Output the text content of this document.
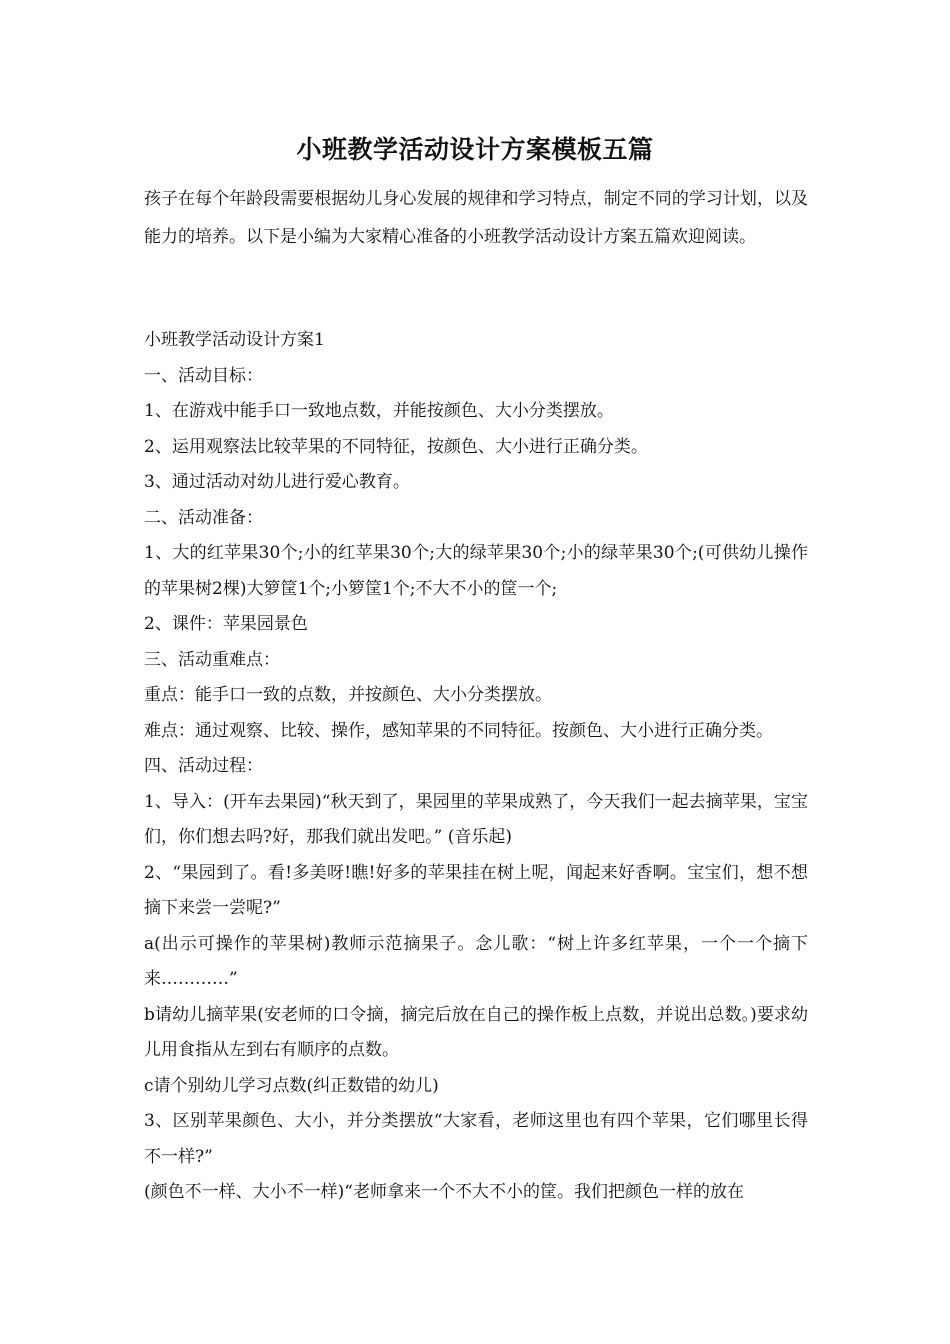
小班教学活动设计方案模板五篇

孩子在每个年龄段需要根据幼儿身心发展的规律和学习特点，制定不同的学习计划，以及能力的培养。以下是小编为大家精心准备的小班教学活动设计方案五篇欢迎阅读。

小班教学活动设计方案1

一、活动目标：

1、在游戏中能手口一致地点数，并能按颜色、大小分类摆放。

2、运用观察法比较苹果的不同特征，按颜色、大小进行正确分类。

3、通过活动对幼儿进行爱心教育。

二、活动准备：

1、大的红苹果30个;小的红苹果30个;大的绿苹果30个;小的绿苹果30个;(可供幼儿操作的苹果树2棵)大箩筐1个;小箩筐1个;不大不小的筐一个;

2、课件：苹果园景色

三、活动重难点：

重点：能手口一致的点数，并按颜色、大小分类摆放。

难点：通过观察、比较、操作，感知苹果的不同特征。按颜色、大小进行正确分类。

四、活动过程：

1、导入：(开车去果园)“秋天到了，果园里的苹果成熟了，今天我们一起去摘苹果，宝宝们，你们想去吗?好，那我们就出发吧。” (音乐起)

2、“果园到了。看!多美呀!瞧!好多的苹果挂在树上呢，闻起来好香啊。宝宝们，想不想摘下来尝一尝呢?”

a(出示可操作的苹果树)教师示范摘果子。念儿歌：“树上许多红苹果，一个一个摘下来…………”

b请幼儿摘苹果(安老师的口令摘，摘完后放在自己的操作板上点数，并说出总数。)要求幼儿用食指从左到右有顺序的点数。

c请个别幼儿学习点数(纠正数错的幼儿)

3、区别苹果颜色、大小，并分类摆放“大家看，老师这里也有四个苹果，它们哪里长得不一样?”

(颜色不一样、大小不一样)“老师拿来一个不大不小的筐。我们把颜色一样的放在
